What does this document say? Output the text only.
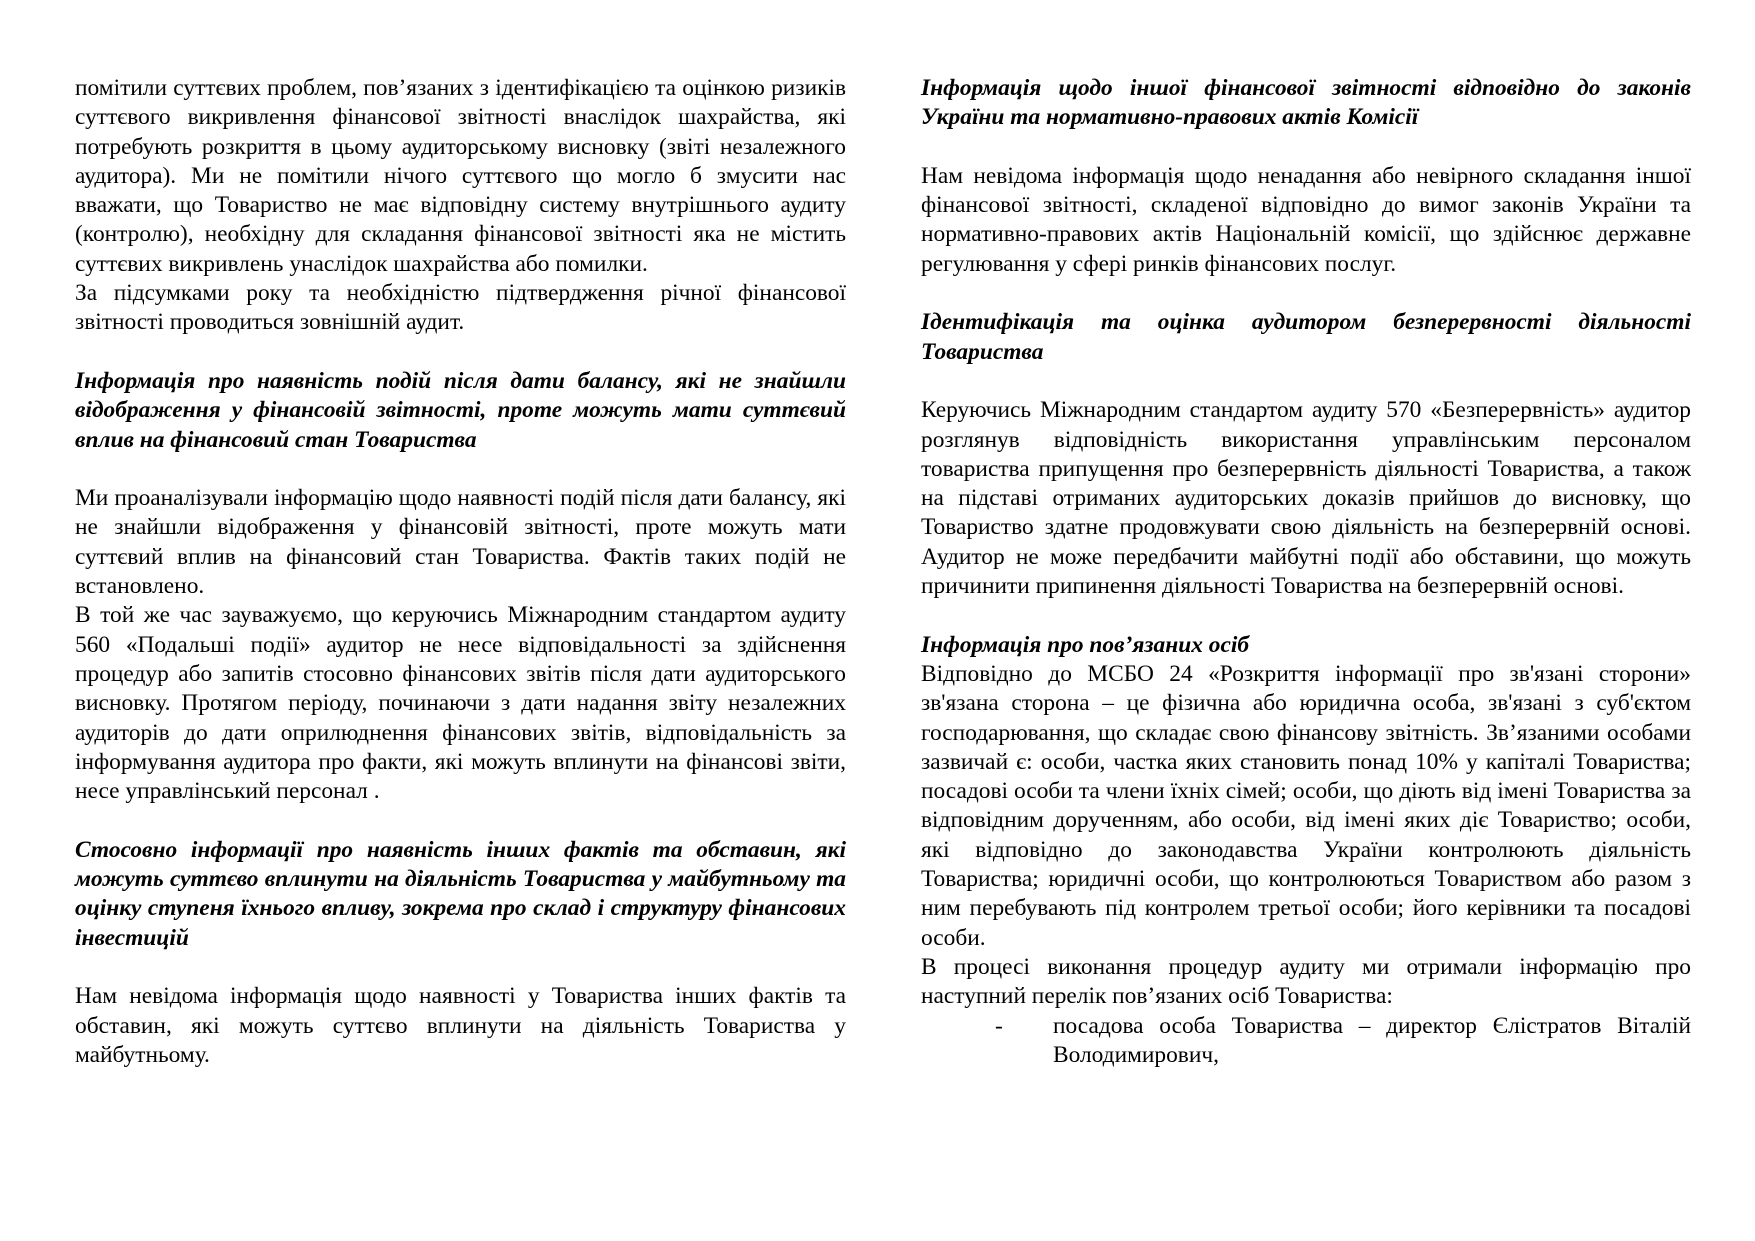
помітили суттєвих проблем, пов’язаних з ідентифікацією та оцінкою ризиків суттєвого викривлення фінансової звітності внаслідок шахрайства, які потребують розкриття в цьому аудиторському висновку (звіті незалежного аудитора). Ми не помітили нічого суттєвого що могло б змусити нас вважати, що Товариство не має відповідну систему внутрішнього аудиту (контролю), необхідну для складання фінансової звітності яка не містить суттєвих викривлень унаслідок шахрайства або помилки.

За підсумками року та необхідністю підтвердження річної фінансової звітності проводиться зовнішній аудит.

Інформація про наявність подій після дати балансу, які не знайшли відображення у фінансовій звітності, проте можуть мати суттєвий вплив на фінансовий стан Товариства

Ми проаналізували інформацію щодо наявності подій після дати балансу, які не знайшли відображення у фінансовій звітності, проте можуть мати суттєвий вплив на фінансовий стан Товариства. Фактів таких подій не встановлено.

В той же час зауважуємо, що керуючись Міжнародним стандартом аудиту 560 «Подальші події» аудитор не несе відповідальності за здійснення процедур або запитів стосовно фінансових звітів після дати аудиторського висновку. Протягом періоду, починаючи з дати надання звіту незалежних аудиторів до дати оприлюднення фінансових звітів, відповідальність за інформування аудитора про факти, які можуть вплинути на фінансові звіти, несе управлінський персонал .

Стосовно інформації про наявність інших фактів та обставин, які можуть суттєво вплинути на діяльність Товариства у майбутньому та оцінку ступеня їхнього впливу, зокрема про склад і структуру фінансових інвестицій

Нам невідома інформація щодо наявності у Товариства інших фактів та обставин, які можуть суттєво вплинути на діяльність Товариства у майбутньому.

Інформація щодо іншої фінансової звітності відповідно до законів України та нормативно-правових актів Комісії

Нам невідома інформація щодо ненадання або невірного складання іншої фінансової звітності, складеної відповідно до вимог законів України та нормативно-правових актів Національній комісії, що здійснює державне регулювання у сфері ринків фінансових послуг.

Ідентифікація та оцінка аудитором безперервності діяльності Товариства

Керуючись Міжнародним стандартом аудиту 570 «Безперервність» аудитор розглянув відповідність використання управлінським персоналом товариства припущення про безперервність діяльності Товариства, а також на підставі отриманих аудиторських доказів прийшов до висновку, що Товариство здатне продовжувати свою діяльність на безперервній основі. Аудитор не може передбачити майбутні події або обставини, що можуть причинити припинення діяльності Товариства на безперервній основі.

Інформація про пов’язаних осіб

Відповідно до МСБО 24 «Розкриття інформації про зв'язані сторони» зв'язана сторона – це фізична або юридична особа, зв'язані з суб'єктом господарювання, що складає свою фінансову звітність. Зв’язаними особами зазвичай є: особи, частка яких становить понад 10% у капіталі Товариства; посадові особи та члени їхніх сімей; особи, що діють від імені Товариства за відповідним дорученням, або особи, від імені яких діє Товариство; особи, які відповідно до законодавства України контролюють діяльність Товариства; юридичні особи, що контролюються Товариством або разом з ним перебувають під контролем третьої особи; його керівники та посадові особи.

В процесі виконання процедур аудиту ми отримали інформацію про наступний перелік пов’язаних осіб Товариства:

-	посадова особа Товариства – директор Єлістратов Віталій Володимирович,
